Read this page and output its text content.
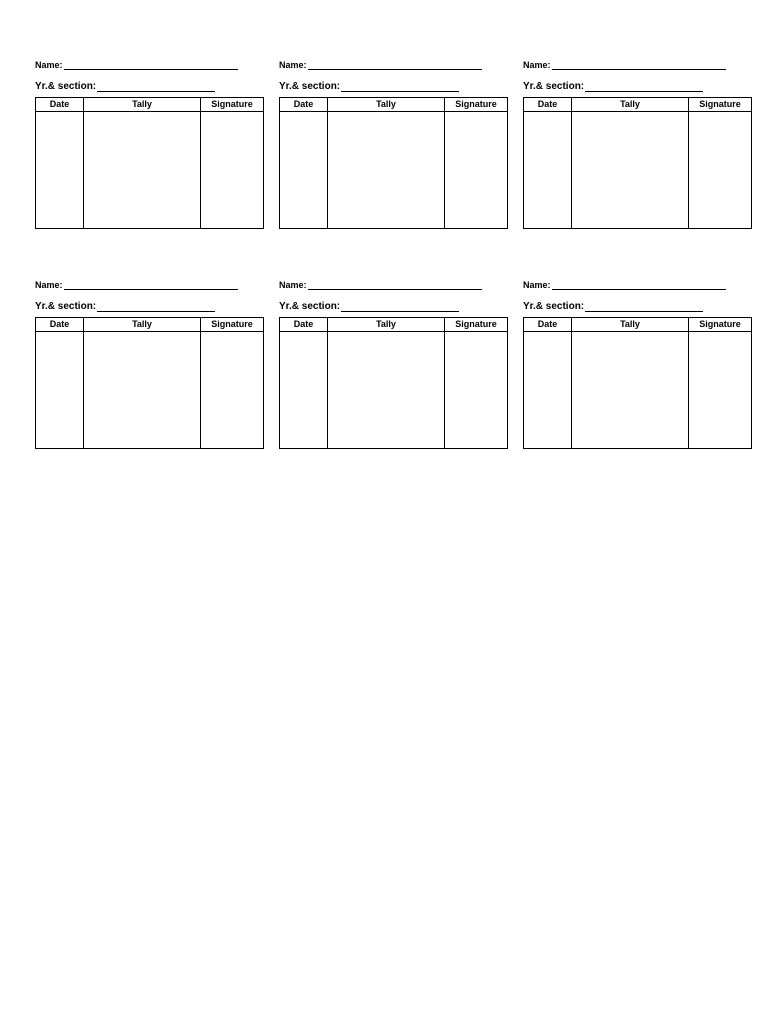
Name:
Yr.& section:
Date	Tally	Signature

Name:
Yr.& section:
Date	Tally	Signature

Name:
Yr.& section:
Date	Tally	Signature

Name:
Yr.& section:
Date	Tally	Signature

Name:
Yr.& section:
Date	Tally	Signature

Name:
Yr.& section:
Date	Tally	Signature
